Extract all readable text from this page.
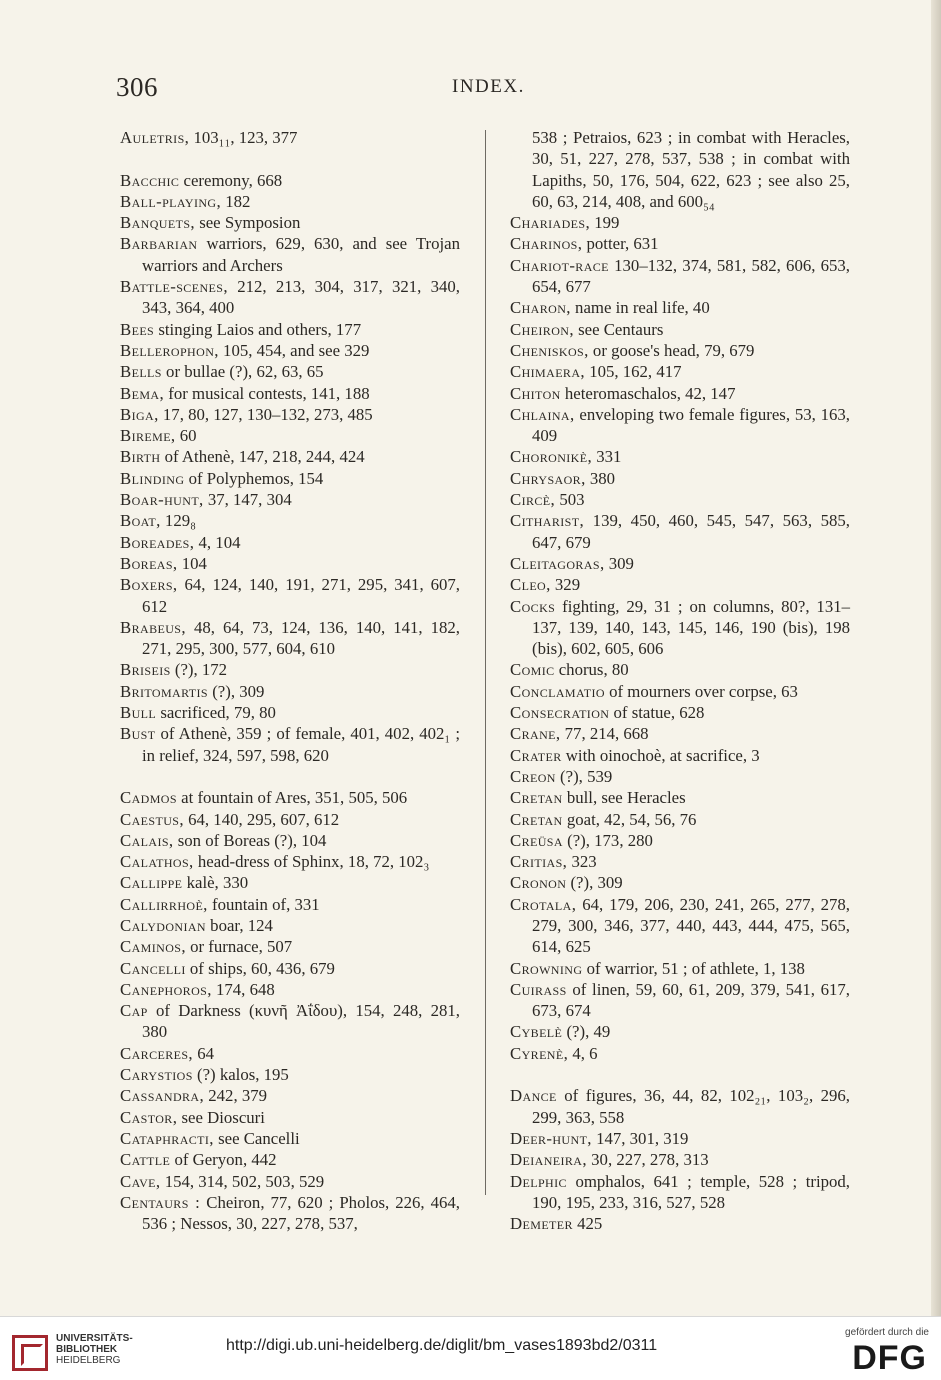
306	INDEX.

Auletris, 103₁₁, 123, 377

Bacchic ceremony, 668

Ball-playing, 182

Banquets, see Symposion

Barbarian warriors, 629, 630, and see Trojan warriors and Archers

Battle-scenes, 212, 213, 304, 317, 321, 340, 343, 364, 400

Bees stinging Laios and others, 177

Bellerophon, 105, 454, and see 329

Bells or bullae (?), 62, 63, 65

Bema, for musical contests, 141, 188

Biga, 17, 80, 127, 130–132, 273, 485

Bireme, 60

Birth of Athenè, 147, 218, 244, 424

Blinding of Polyphemos, 154

Boar-hunt, 37, 147, 304

Boat, 129₈

Boreades, 4, 104

Boreas, 104

Boxers, 64, 124, 140, 191, 271, 295, 341, 607, 612

Brabeus, 48, 64, 73, 124, 136, 140, 141, 182, 271, 295, 300, 577, 604, 610

Briseis (?), 172

Britomartis (?), 309

Bull sacrificed, 79, 80

Bust of Athenè, 359 ; of female, 401, 402, 402₁ ; in relief, 324, 597, 598, 620

Cadmos at fountain of Ares, 351, 505, 506

Caestus, 64, 140, 295, 607, 612

Calais, son of Boreas (?), 104

Calathos, head-dress of Sphinx, 18, 72, 102₃

Callippe kalè, 330

Callirrhoè, fountain of, 331

Calydonian boar, 124

Caminos, or furnace, 507

Cancelli of ships, 60, 436, 679

Canephoros, 174, 648

Cap of Darkness (κυνῆ Ἀΐδου), 154, 248, 281, 380

Carceres, 64

Carystios (?) kalos, 195

Cassandra, 242, 379

Castor, see Dioscuri

Cataphracti, see Cancelli

Cattle of Geryon, 442

Cave, 154, 314, 502, 503, 529

Centaurs : Cheiron, 77, 620 ; Pholos, 226, 464, 536 ; Nessos, 30, 227, 278, 537,

538 ; Petraios, 623 ; in combat with Heracles, 30, 51, 227, 278, 537, 538 ; in combat with Lapiths, 50, 176, 504, 622, 623 ; see also 25, 60, 63, 214, 408, and 600₅₄

Chariades, 199

Charinos, potter, 631

Chariot-race 130–132, 374, 581, 582, 606, 653, 654, 677

Charon, name in real life, 40

Cheiron, see Centaurs

Cheniskos, or goose's head, 79, 679

Chimaera, 105, 162, 417

Chiton heteromaschalos, 42, 147

Chlaina, enveloping two female figures, 53, 163, 409

Choronikè, 331

Chrysaor, 380

Circè, 503

Citharist, 139, 450, 460, 545, 547, 563, 585, 647, 679

Cleitagoras, 309

Cleo, 329

Cocks fighting, 29, 31 ; on columns, 80?, 131–137, 139, 140, 143, 145, 146, 190 (bis), 198 (bis), 602, 605, 606

Comic chorus, 80

Conclamatio of mourners over corpse, 63

Consecration of statue, 628

Crane, 77, 214, 668

Crater with oinochoè, at sacrifice, 3

Creon (?), 539

Cretan bull, see Heracles

Cretan goat, 42, 54, 56, 76

Creüsa (?), 173, 280

Critias, 323

Cronon (?), 309

Crotala, 64, 179, 206, 230, 241, 265, 277, 278, 279, 300, 346, 377, 440, 443, 444, 475, 565, 614, 625

Crowning of warrior, 51 ; of athlete, 1, 138

Cuirass of linen, 59, 60, 61, 209, 379, 541, 617, 673, 674

Cybelè (?), 49

Cyrenè, 4, 6

Dance of figures, 36, 44, 82, 102₂₁, 103₂, 296, 299, 363, 558

Deer-hunt, 147, 301, 319

Deianeira, 30, 227, 278, 313

Delphic omphalos, 641 ; temple, 528 ; tripod, 190, 195, 233, 316, 527, 528

Demeter 425

UNIVERSITÄTS-
BIBLIOTHEK
HEIDELBERG
http://digi.ub.uni-heidelberg.de/diglit/bm_vases1893bd2/0311
gefördert durch die
DFG
